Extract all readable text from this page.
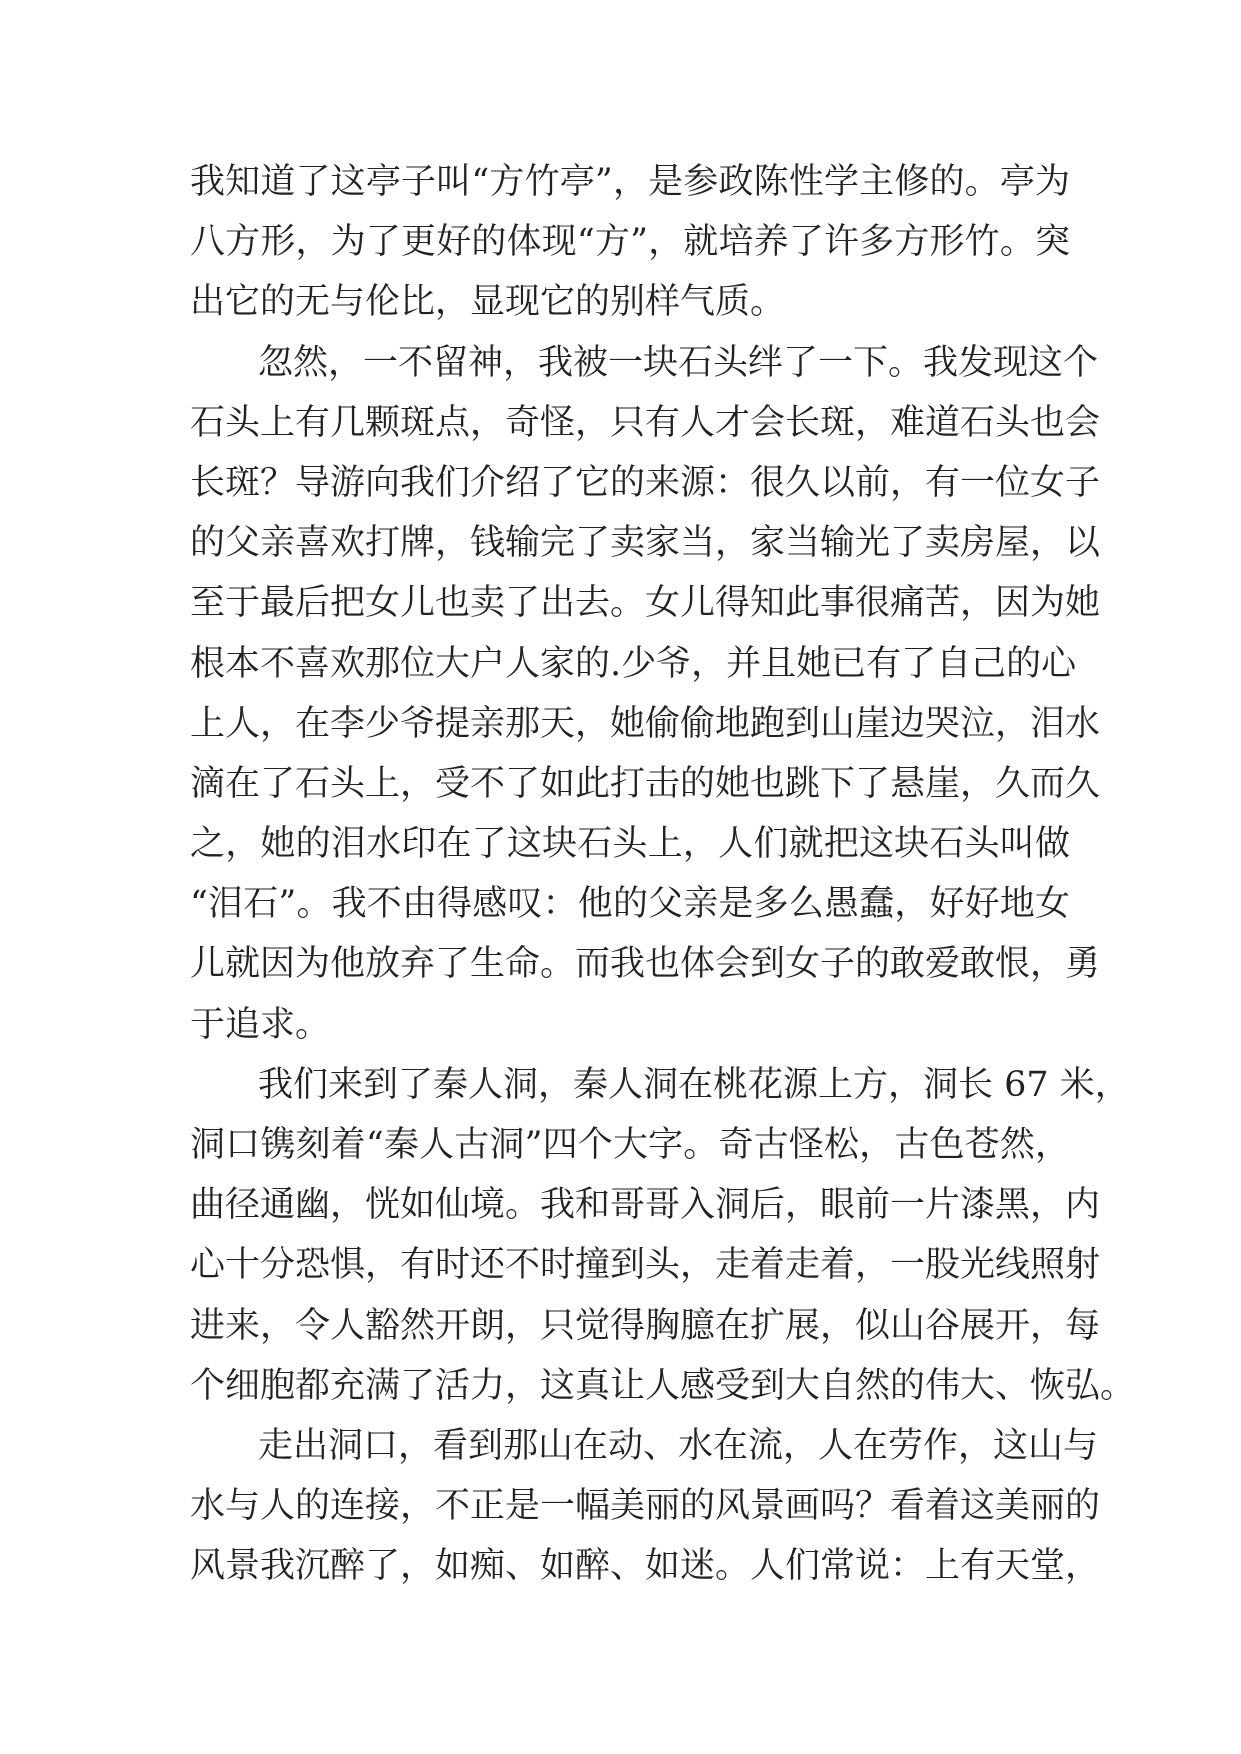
我知道了这亭子叫“方竹亭”，是参政陈性学主修的。亭为
八方形，为了更好的体现“方”，就培养了许多方形竹。突
出它的无与伦比，显现它的别样气质。
忽然，一不留神，我被一块石头绊了一下。我发现这个
石头上有几颗斑点，奇怪，只有人才会长斑，难道石头也会
长斑？导游向我们介绍了它的来源：很久以前，有一位女子
的父亲喜欢打牌，钱输完了卖家当，家当输光了卖房屋，以
至于最后把女儿也卖了出去。女儿得知此事很痛苦，因为她
根本不喜欢那位大户人家的.少爷，并且她已有了自己的心
上人，在李少爷提亲那天，她偷偷地跑到山崖边哭泣，泪水
滴在了石头上，受不了如此打击的她也跳下了悬崖，久而久
之，她的泪水印在了这块石头上，人们就把这块石头叫做
“泪石”。我不由得感叹：他的父亲是多么愚蠢，好好地女
儿就因为他放弃了生命。而我也体会到女子的敢爱敢恨，勇
于追求。
我们来到了秦人洞，秦人洞在桃花源上方，洞长 67 米，
洞口镌刻着“秦人古洞”四个大字。奇古怪松，古色苍然，
曲径通幽，恍如仙境。我和哥哥入洞后，眼前一片漆黑，内
心十分恐惧，有时还不时撞到头，走着走着，一股光线照射
进来，令人豁然开朗，只觉得胸臆在扩展，似山谷展开，每
个细胞都充满了活力，这真让人感受到大自然的伟大、恢弘。
走出洞口，看到那山在动、水在流，人在劳作，这山与
水与人的连接，不正是一幅美丽的风景画吗？看着这美丽的
风景我沉醉了，如痴、如醉、如迷。人们常说：上有天堂，
